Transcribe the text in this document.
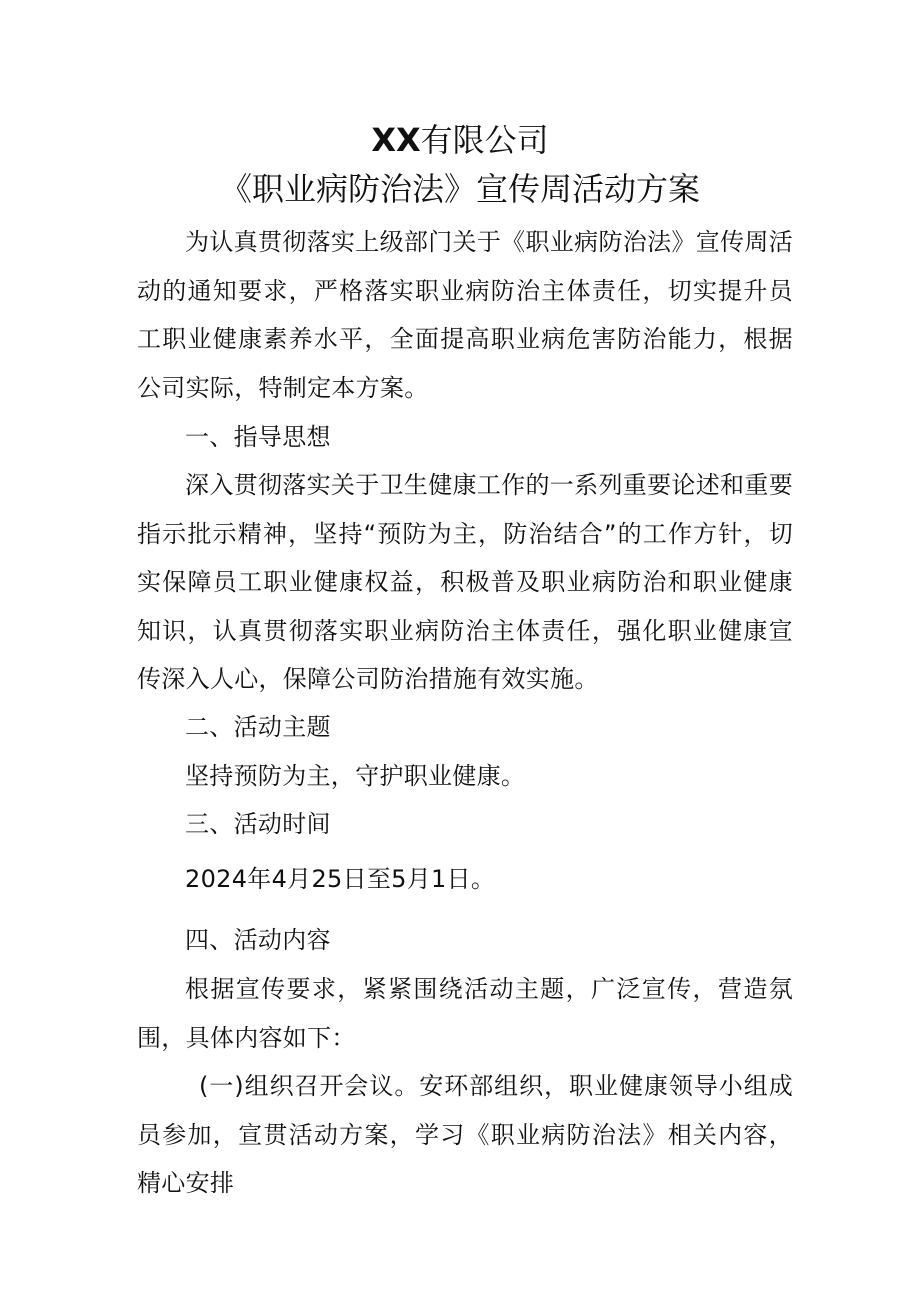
XX有限公司
《职业病防治法》宣传周活动方案
为认真贯彻落实上级部门关于《职业病防治法》宣传周活动的通知要求，严格落实职业病防治主体责任，切实提升员工职业健康素养水平，全面提高职业病危害防治能力，根据公司实际，特制定本方案。
一、指导思想
深入贯彻落实关于卫生健康工作的一系列重要论述和重要指示批示精神，坚持“预防为主，防治结合”的工作方针，切实保障员工职业健康权益，积极普及职业病防治和职业健康知识，认真贯彻落实职业病防治主体责任，强化职业健康宣传深入人心，保障公司防治措施有效实施。
二、活动主题
坚持预防为主，守护职业健康。
三、活动时间
2024年4月25日至5月1日。
四、活动内容
根据宣传要求，紧紧围绕活动主题，广泛宣传，营造氛围，具体内容如下：
(一)组织召开会议。安环部组织，职业健康领导小组成员参加，宣贯活动方案，学习《职业病防治法》相关内容，精心安排
